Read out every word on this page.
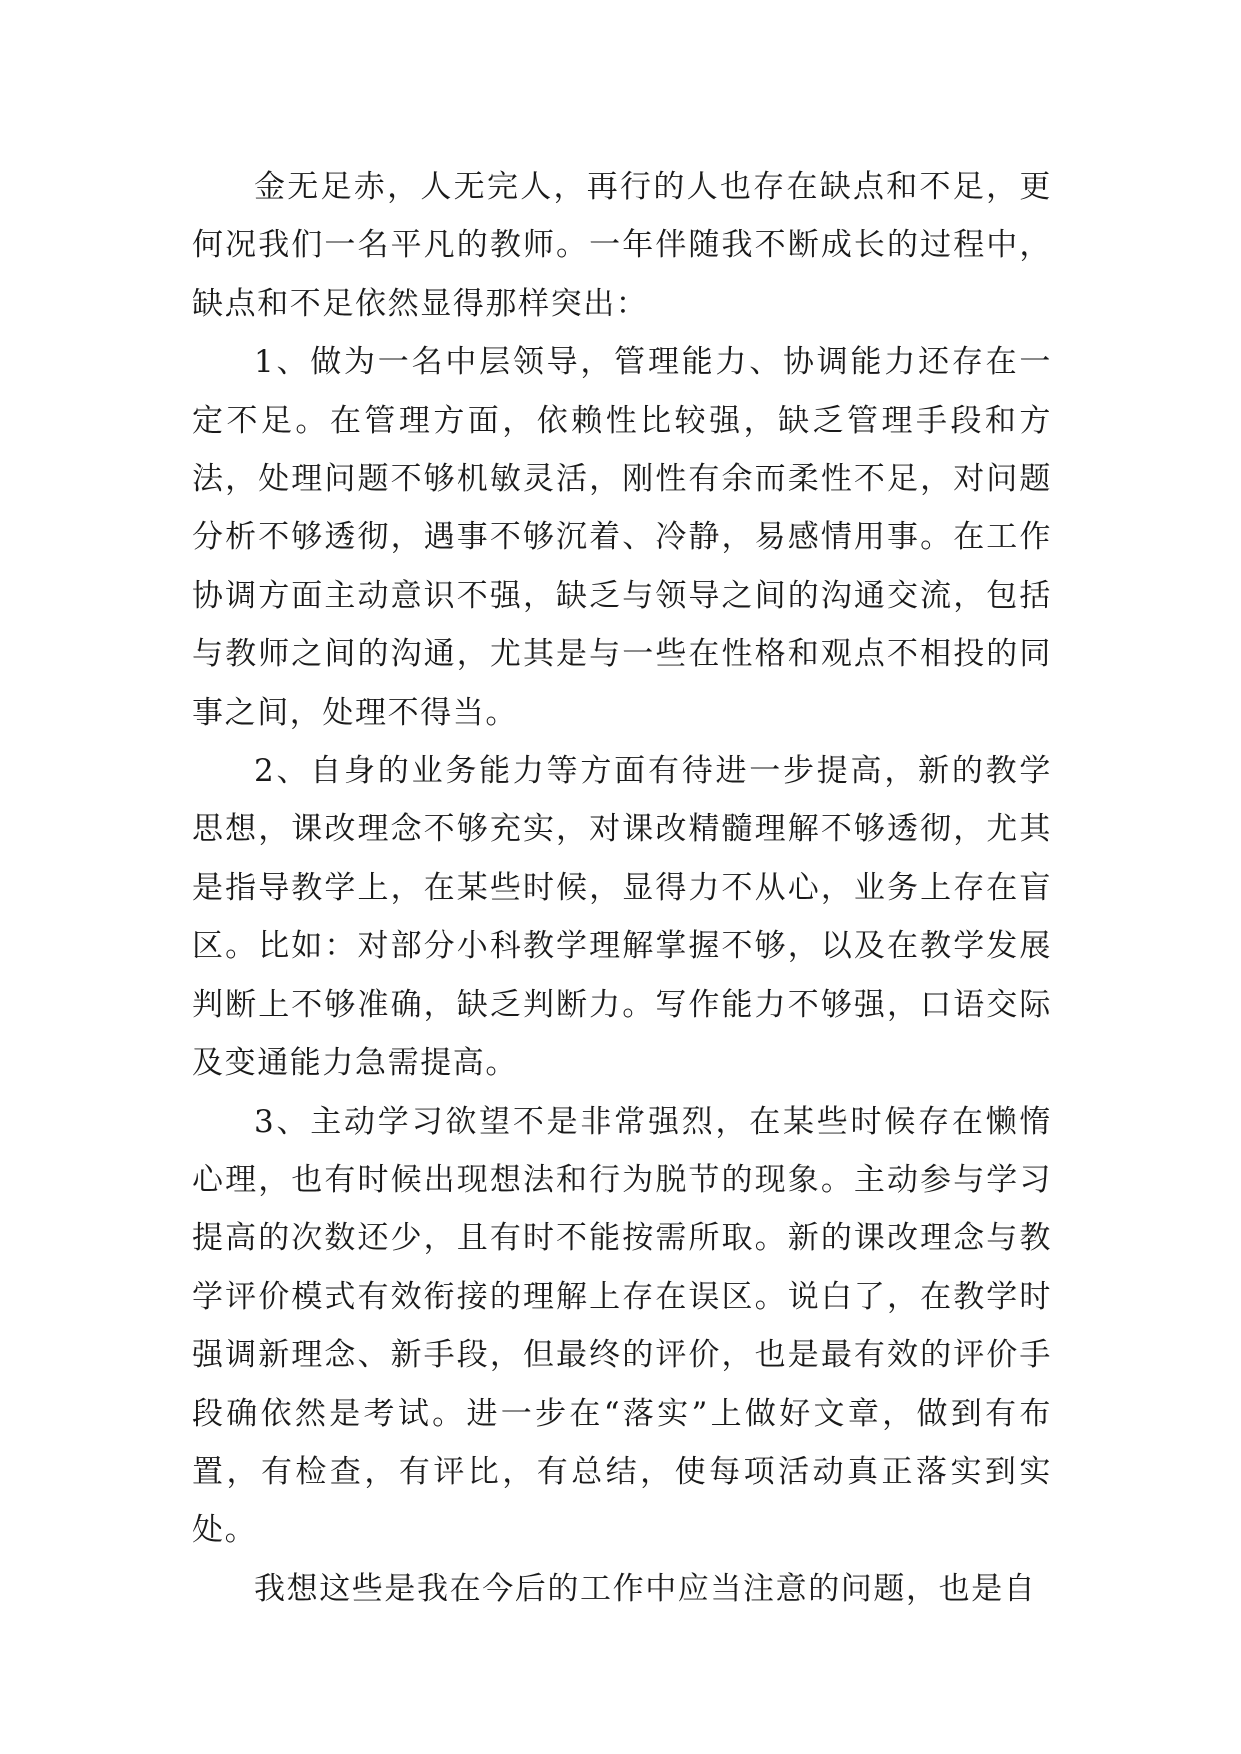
金无足赤，人无完人，再行的人也存在缺点和不足，更何况我们一名平凡的教师。一年伴随我不断成长的过程中，缺点和不足依然显得那样突出：

1、做为一名中层领导，管理能力、协调能力还存在一定不足。在管理方面，依赖性比较强，缺乏管理手段和方法，处理问题不够机敏灵活，刚性有余而柔性不足，对问题分析不够透彻，遇事不够沉着、冷静，易感情用事。在工作协调方面主动意识不强，缺乏与领导之间的沟通交流，包括与教师之间的沟通，尤其是与一些在性格和观点不相投的同事之间，处理不得当。

2、自身的业务能力等方面有待进一步提高，新的教学思想，课改理念不够充实，对课改精髓理解不够透彻，尤其是指导教学上，在某些时候，显得力不从心，业务上存在盲区。比如：对部分小科教学理解掌握不够，以及在教学发展判断上不够准确，缺乏判断力。写作能力不够强，口语交际及变通能力急需提高。

3、主动学习欲望不是非常强烈，在某些时候存在懒惰心理，也有时候出现想法和行为脱节的现象。主动参与学习提高的次数还少，且有时不能按需所取。新的课改理念与教学评价模式有效衔接的理解上存在误区。说白了，在教学时强调新理念、新手段，但最终的评价，也是最有效的评价手段确依然是考试。进一步在“落实”上做好文章，做到有布置，有检查，有评比，有总结，使每项活动真正落实到实处。

我想这些是我在今后的工作中应当注意的问题，也是自
